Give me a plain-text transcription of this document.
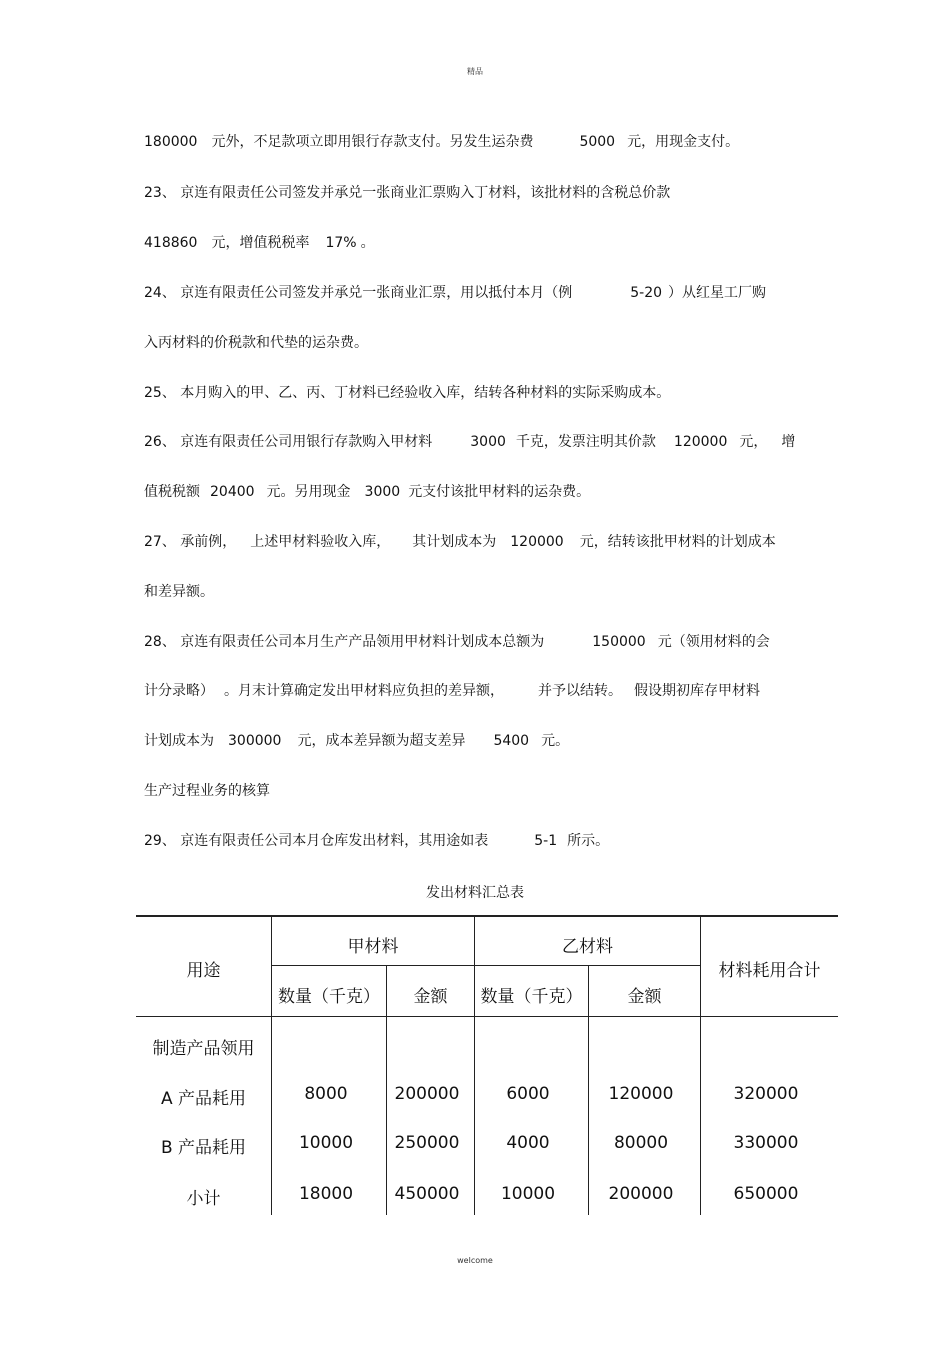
精品
180000 元外，不足款项立即用银行存款支付。另发生运杂费	5000 元，用现金支付。
23、 京连有限责任公司签发并承兑一张商业汇票购入丁材料，该批材料的含税总价款
418860 元，增值税税率 17% 。
24、 京连有限责任公司签发并承兑一张商业汇票，用以抵付本月（例	5-20 ）从红星工厂购
入丙材料的价税款和代垫的运杂费。
25、 本月购入的甲、乙、丙、丁材料已经验收入库，结转各种材料的实际采购成本。
26、 京连有限责任公司用银行存款购入甲材料	3000 千克，发票注明其价款 120000 元， 增
值税税额 20400 元。另用现金 3000 元支付该批甲材料的运杂费。
27、 承前例， 上述甲材料验收入库， 其计划成本为 120000 元，结转该批甲材料的计划成本
和差异额。
28、 京连有限责任公司本月生产产品领用甲材料计划成本总额为	150000 元（领用材料的会
计分录略） 。月末计算确定发出甲材料应负担的差异额， 并予以结转。 假设期初库存甲材料
计划成本为 300000 元，成本差异额为超支差异 5400 元。
生产过程业务的核算
29、 京连有限责任公司本月仓库发出材料，其用途如表	5-1 所示。
发出材料汇总表
用途
甲材料	乙材料
材料耗用合计
数量（千克）	金额	数量（千克）	金额
制造产品领用
A 产品耗用	8000	200000	6000	120000	320000
B 产品耗用	10000	250000	4000	80000	330000
小计	18000	450000	10000	200000	650000
welcome
